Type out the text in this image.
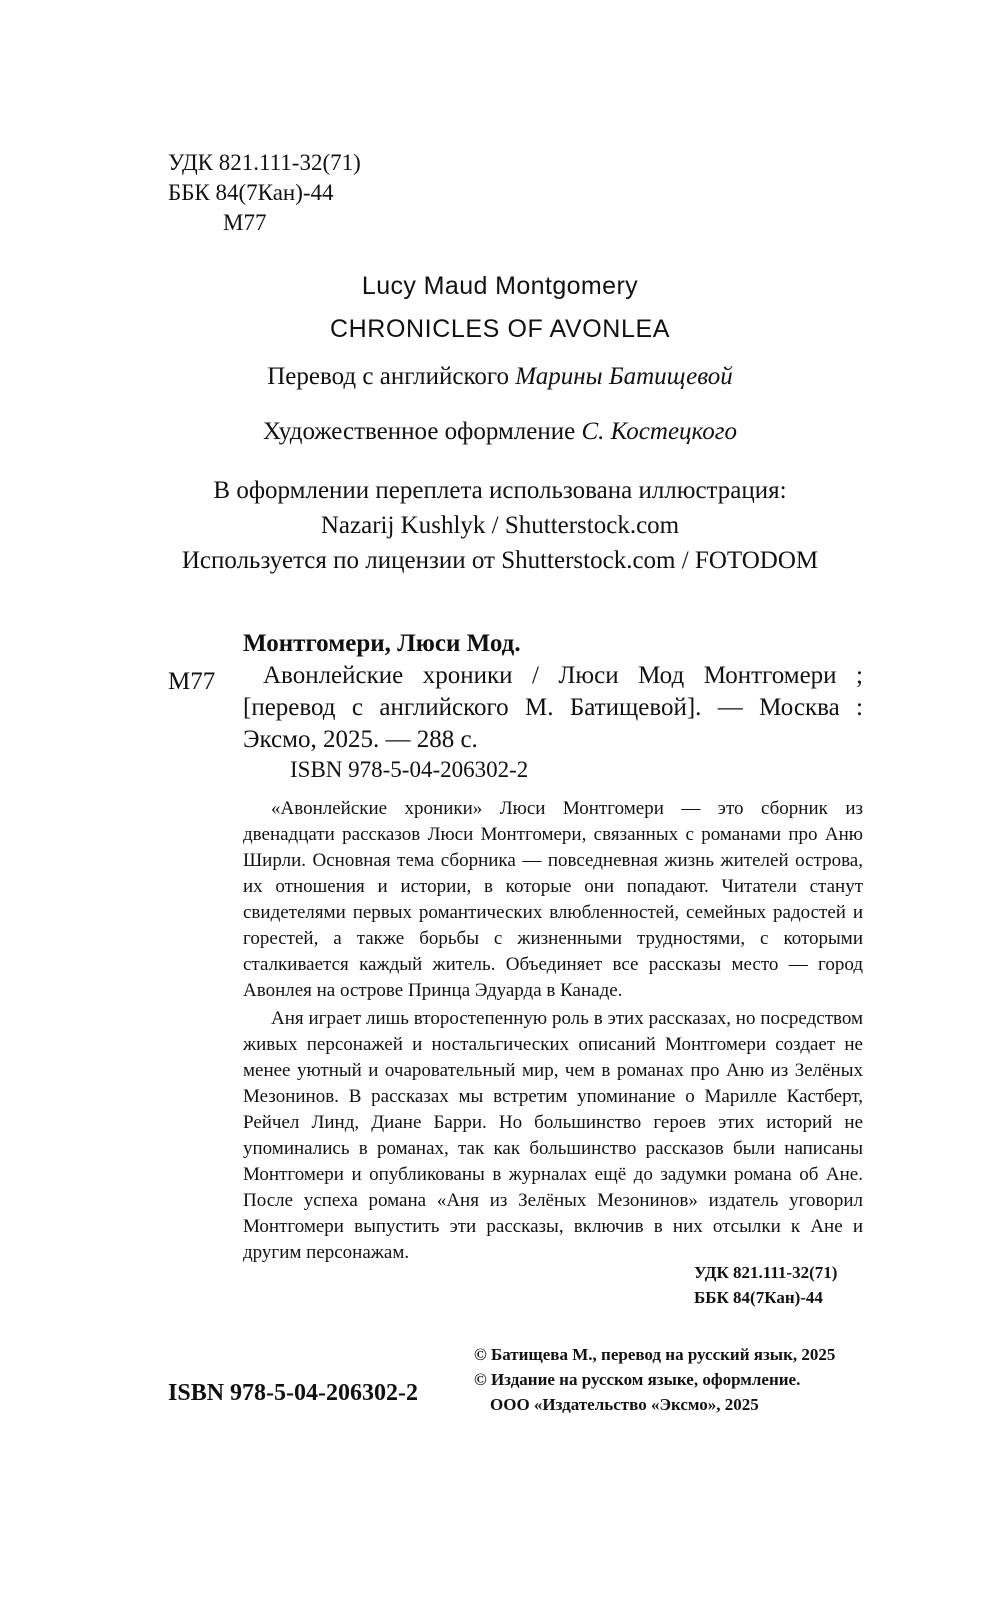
УДК 821.111-32(71)
ББК 84(7Кан)-44
М77
Lucy Maud Montgomery
CHRONICLES OF AVONLEA
Перевод с английского Марины Батищевой
Художественное оформление С. Костецкого
В оформлении переплета использована иллюстрация:
Nazarij Kushlyk / Shutterstock.com
Используется по лицензии от Shutterstock.com / FOTODOM
Монтгомери, Люси Мод.
М77	Авонлейские хроники / Люси Мод Монтгомери ; [перевод с английского М. Батищевой]. — Москва : Эксмо, 2025. — 288 с.

ISBN 978-5-04-206302-2

«Авонлейские хроники» Люси Монтгомери — это сборник из двенадцати рассказов Люси Монтгомери, связанных с романами про Аню Ширли. Основная тема сборника — повседневная жизнь жителей острова, их отношения и истории, в которые они попадают. Читатели станут свидетелями первых романтических влюбленностей, семейных радостей и горестей, а также борьбы с жизненными трудностями, с которыми сталкивается каждый житель. Объединяет все рассказы место — город Авонлея на острове Принца Эдуарда в Канаде.

Аня играет лишь второстепенную роль в этих рассказах, но посредством живых персонажей и ностальгических описаний Монтгомери создает не менее уютный и очаровательный мир, чем в романах про Аню из Зелёных Мезонинов. В рассказах мы встретим упоминание о Марилле Кастберт, Рейчел Линд, Диане Барри. Но большинство героев этих историй не упоминались в романах, так как большинство рассказов были написаны Монтгомери и опубликованы в журналах ещё до задумки романа об Ане. После успеха романа «Аня из Зелёных Мезонинов» издатель уговорил Монтгомери выпустить эти рассказы, включив в них отсылки к Ане и другим персонажам.

УДК 821.111-32(71)
ББК 84(7Кан)-44
ISBN 978-5-04-206302-2
© Батищева М., перевод на русский язык, 2025
© Издание на русском языке, оформление.
ООО «Издательство «Эксмо», 2025
